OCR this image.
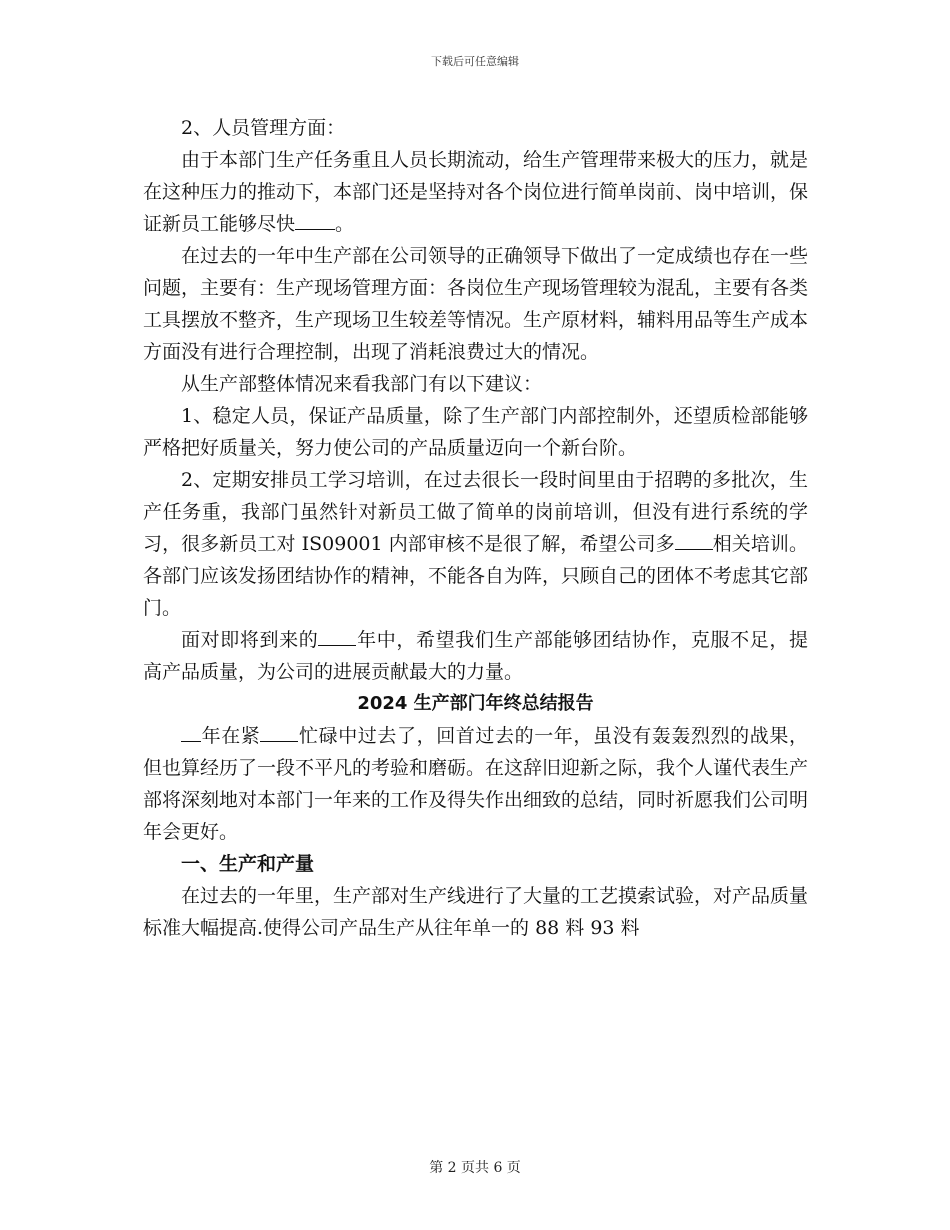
下载后可任意编辑

2、人员管理方面：

由于本部门生产任务重且人员长期流动，给生产管理带来极大的压力，就是在这种压力的推动下，本部门还是坚持对各个岗位进行简单岗前、岗中培训，保证新员工能够尽快 。

在过去的一年中生产部在公司领导的正确领导下做出了一定成绩也存在一些问题，主要有：生产现场管理方面：各岗位生产现场管理较为混乱，主要有各类工具摆放不整齐，生产现场卫生较差等情况。生产原材料，辅料用品等生产成本方面没有进行合理控制，出现了消耗浪费过大的情况。

从生产部整体情况来看我部门有以下建议：

1、稳定人员，保证产品质量，除了生产部门内部控制外，还望质检部能够严格把好质量关，努力使公司的产品质量迈向一个新台阶。

2、定期安排员工学习培训，在过去很长一段时间里由于招聘的多批次，生产任务重，我部门虽然针对新员工做了简单的岗前培训，但没有进行系统的学习，很多新员工对 IS09001 内部审核不是很了解，希望公司多 相关培训。各部门应该发扬团结协作的精神，不能各自为阵，只顾自己的团体不考虑其它部门。

面对即将到来的 年中，希望我们生产部能够团结协作，克服不足，提高产品质量，为公司的进展贡献最大的力量。

2024 生产部门年终总结报告

年在紧 忙碌中过去了，回首过去的一年，虽没有轰轰烈烈的战果，但也算经历了一段不平凡的考验和磨砺。在这辞旧迎新之际，我个人谨代表生产部将深刻地对本部门一年来的工作及得失作出细致的总结，同时祈愿我们公司明年会更好。

一、生产和产量

在过去的一年里，生产部对生产线进行了大量的工艺摸索试验，对产品质量标准大幅提高.使得公司产品生产从往年单一的 88 料 93 料

第 2 页共 6 页
